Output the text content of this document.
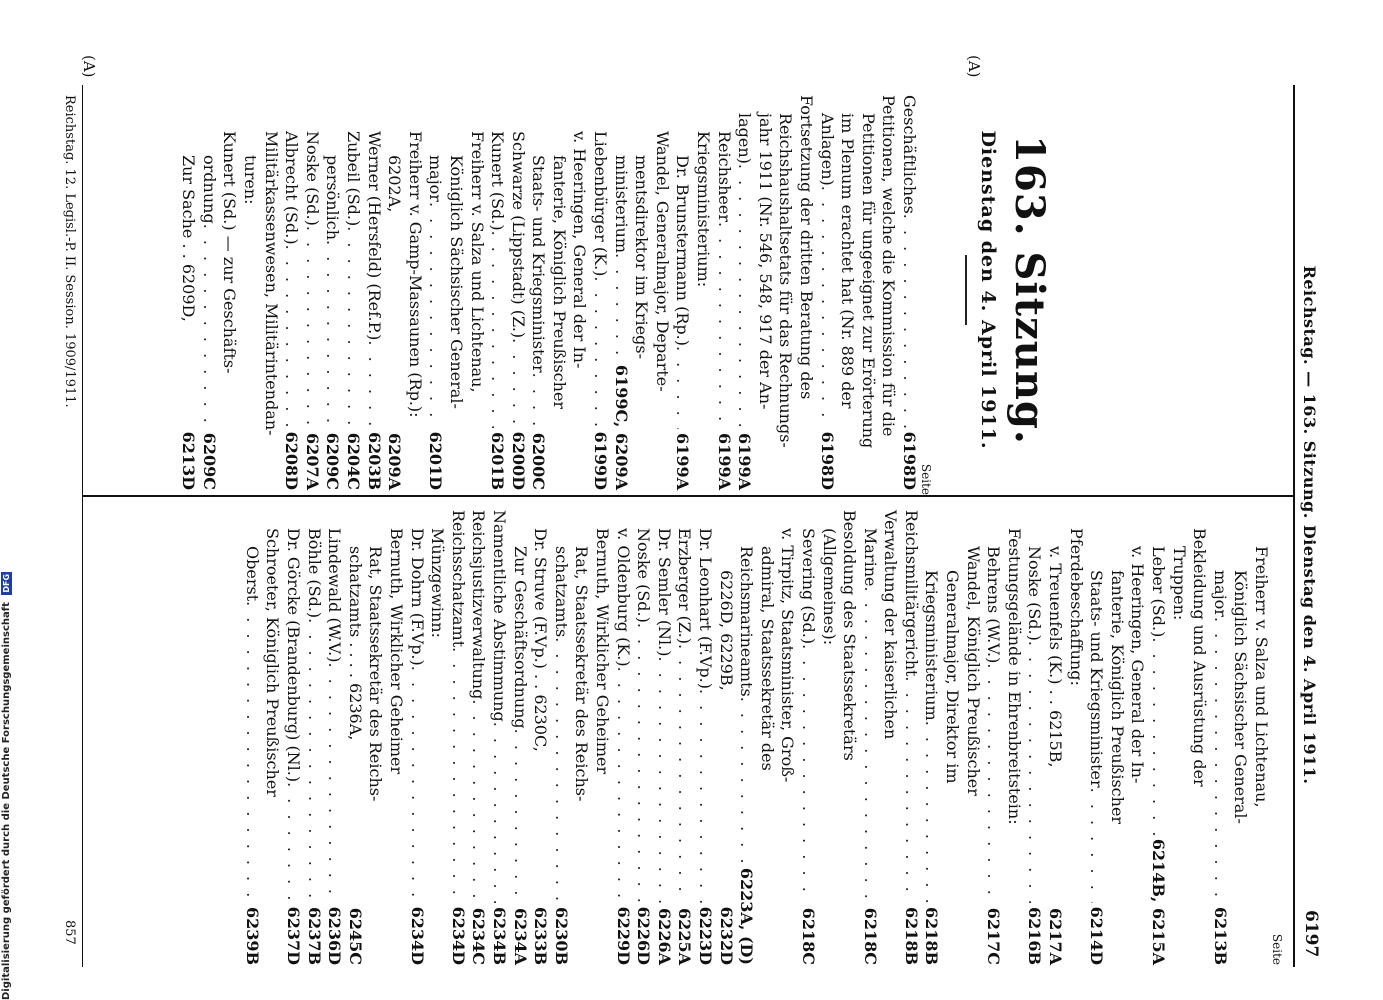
Digitalisierung gefördert durch die Deutsche Forschungsgemeinschaft DFG	Reichstag. — 163. Sitzung. Dienstag den 4. April 1911.
6197
(A)	(A)
163. Sitzung.
Dienstag den 4. April 1911.
Seite
Seite
Geschäftliches
. . .
6198D
Petitionen, welche die Kommission für die
Petitionen für ungeeignet zur Erörterung
im Plenum erachtet hat (Nr. 889 der
Anlagen)
. . .
6198D
Fortsetzung der dritten Beratung des
Reichshaushaltsetats für das Rechnungs-
jahr 1911 (Nr. 546, 548, 917 der An-
lagen)
. . .
6199A
Reichsheer
. . .
6199A
Kriegsministerium:
Dr. Brunstermann (Rp.)
. . .
6199A
Wandel, Generalmajor, Departe-
mentsdirektor im Kriegs-
ministerium
. . .
6199C, 6209A
Liebenbürger (K.)
. . .
6199D
v. Heeringen, General der In-
fanterie, Königlich Preußischer
Staats- und Kriegsminister
. . .
6200C
Schwarze (Lippstadt) (Z.)
. . .
6200D
Kunert (Sd.)
. . .
6201B
Freiherr v. Salza und Lichtenau,
Königlich Sächsischer General-
major
. . .
6201D
Freiherr v. Gamp-Massaunen (Rp.):
6202A,
6209A
Werner (Hersfeld) (Ref.P.)
. . .
6203B
Zubeil (Sd.)
. . .
6204C
persönlich
. . .
6209C
Noske (Sd.)
. . .
6207A
Albrecht (Sd.)
. . .
6208D
Militärkassenwesen, Militärintendan-
turen:
Kunert (Sd.) — zur Geschäfts-
ordnung
. . .
6209C
Zur Sache . . 6209D,
6213D
Freiherr v. Salza und Lichtenau,
Königlich Sächsischer General-
major
. . .
6213B
Bekleidung und Ausrüstung der
Truppen:
Leber (Sd.)
. . .
6214B, 6215A
v. Heeringen, General der In-
fanterie, Königlich Preußischer
Staats- und Kriegsminister
. . .
6214D
Pferdebeschaffung:
v. Treuenfels (K.) . . 6215B,
6217A
Noske (Sd.)
. . .
6216B
Festungsgelände in Ehrenbreitstein:
Behrens (W.V.)
. . .
6217C
Wandel, Königlich Preußischer
Generalmajor, Direktor im
Kriegsministerium
. . .
6218B
Reichsmilitärgericht
. . .
6218B
Verwaltung der kaiserlichen
Marine
. . .
6218C
Besoldung des Staatssekretärs
(Allgemeines):
Severing (Sd.)
. . .
6218C
v. Tirpitz, Staatsminister, Groß-
admiral, Staatssekretär des
Reichsmarineamts
. . .
6223A, (D)
6226D, 6229B,
6232D
Dr. Leonhart (F.Vp.)
. . .
6223D
Erzberger (Z.)
. . .
6225A
Dr. Semler (Nl.)
. . .
6226A
Noske (Sd.)
. . .
6226D
v. Oldenburg (K.)
. . .
6229D
Bernuth, Wirklicher Geheimer
Rat, Staatssekretär des Reichs-
schatzamts
. . .
6230B
Dr. Struve (F.Vp.) . . 6230C,
6233B
Zur Geschäftsordnung
. . .
6234A
Namentliche Abstimmung
. . .
6234B
Reichsjustizverwaltung
. . .
6234C
Reichsschatzamt
. . .
6234D
Münzgewinn:
Dr. Dohrn (F.Vp.)
. . .
6234D
Bernuth, Wirklicher Geheimer
Rat, Staatssekretär des Reichs-
schatzamts . . . . 6236A,
6245C
Lindewald (W.V.)
. . .
6236D
Böhle (Sd.)
. . .
6237B
Dr. Görcke (Brandenburg) (Nl.)
. . .
6237D
Schroeter, Königlich Preußischer
Oberst
. . .
6239B
Reichstag. 12. Legisl.-P. II. Session. 1909/1911.
857
